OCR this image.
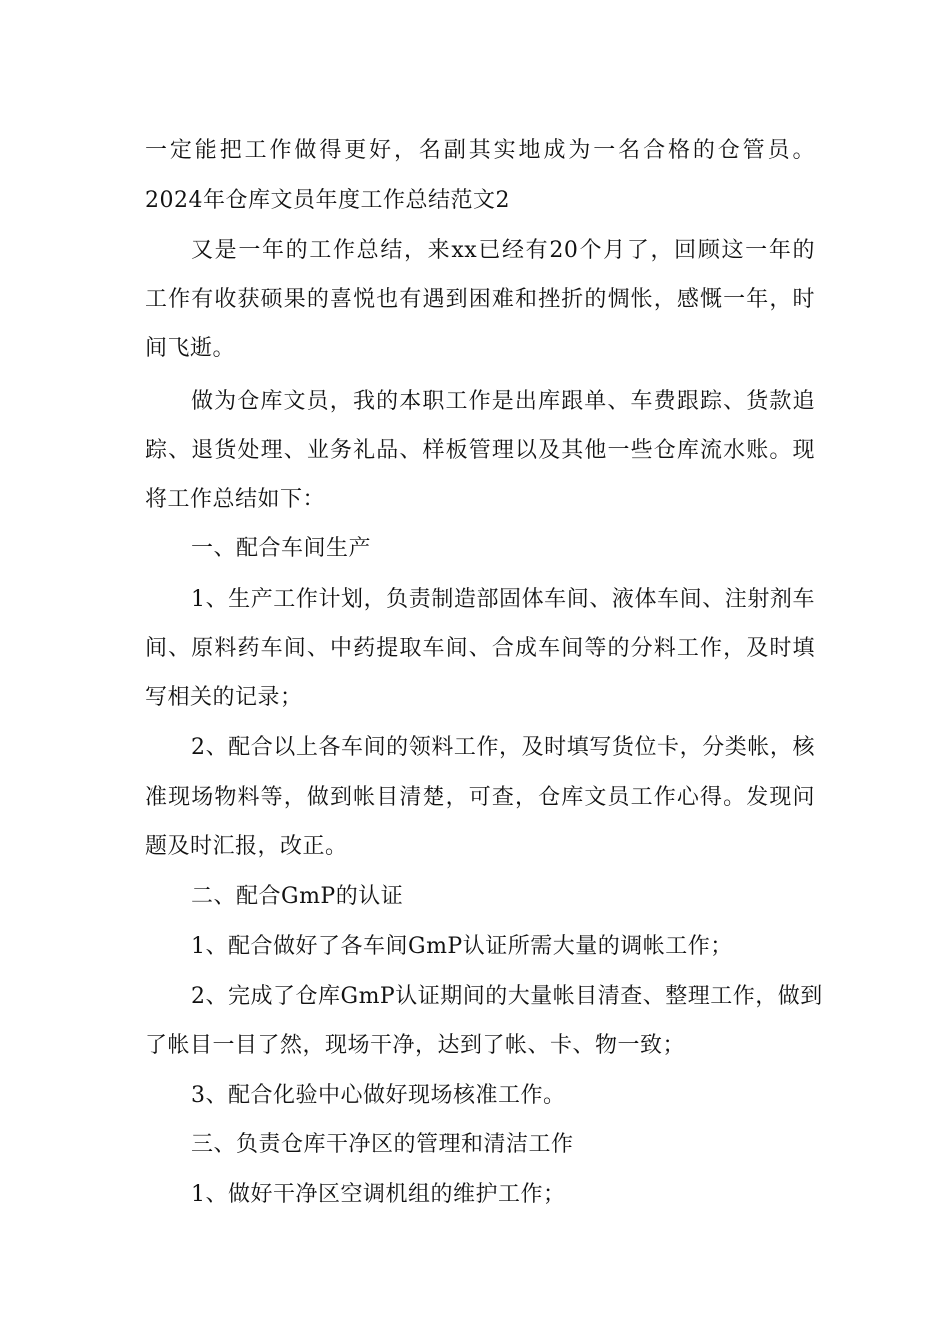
一定能把工作做得更好，名副其实地成为一名合格的仓管员。
2024年仓库文员年度工作总结范文2
又是一年的工作总结，来xx已经有20个月了，回顾这一年的
工作有收获硕果的喜悦也有遇到困难和挫折的惆怅，感慨一年，时
间飞逝。
做为仓库文员，我的本职工作是出库跟单、车费跟踪、货款追
踪、退货处理、业务礼品、样板管理以及其他一些仓库流水账。现
将工作总结如下：
一、配合车间生产
1、生产工作计划，负责制造部固体车间、液体车间、注射剂车
间、原料药车间、中药提取车间、合成车间等的分料工作，及时填
写相关的记录；
2、配合以上各车间的领料工作，及时填写货位卡，分类帐，核
准现场物料等，做到帐目清楚，可查，仓库文员工作心得。发现问
题及时汇报，改正。
二、配合GmP的认证
1、配合做好了各车间GmP认证所需大量的调帐工作；
2、完成了仓库GmP认证期间的大量帐目清查、整理工作，做到
了帐目一目了然，现场干净，达到了帐、卡、物一致；
3、配合化验中心做好现场核准工作。
三、负责仓库干净区的管理和清洁工作
1、做好干净区空调机组的维护工作；
